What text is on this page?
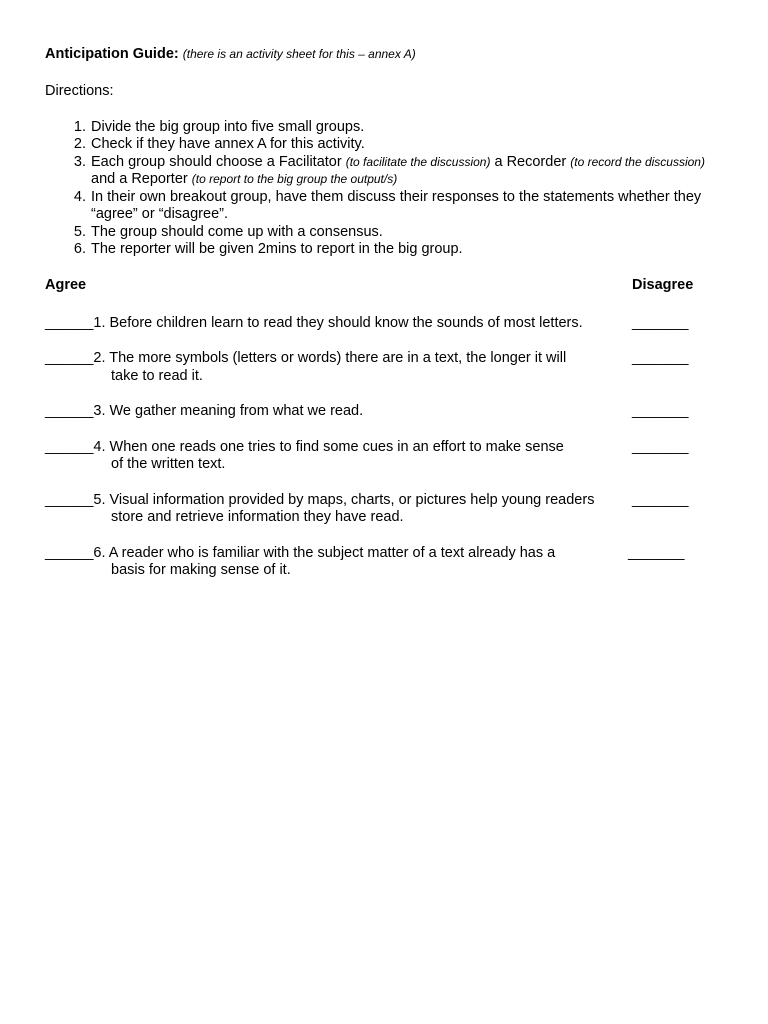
Anticipation Guide: (there is an activity sheet for this – annex A)
Directions:
1. Divide the big group into five small groups.
2. Check if they have annex A for this activity.
3. Each group should choose a Facilitator (to facilitate the discussion) a Recorder (to record the discussion) and a Reporter (to report to the big group the output/s)
4. In their own breakout group, have them discuss their responses to the statements whether they “agree” or “disagree”.
5. The group should come up with a consensus.
6. The reporter will be given 2mins to report in the big group.
Agree	Disagree
______1. Before children learn to read they should know the sounds of most letters.	_______
______2. The more symbols (letters or words) there are in a text, the longer it will
take to read it.
_______
______3. We gather meaning from what we read.	_______
______4. When one reads one tries to find some cues in an effort to make sense
of the written text.
_______
______5. Visual information provided by maps, charts, or pictures help young readers
store and retrieve information they have read.
_______
______6. A reader who is familiar with the subject matter of a text already has a
basis for making sense of it.
_______
